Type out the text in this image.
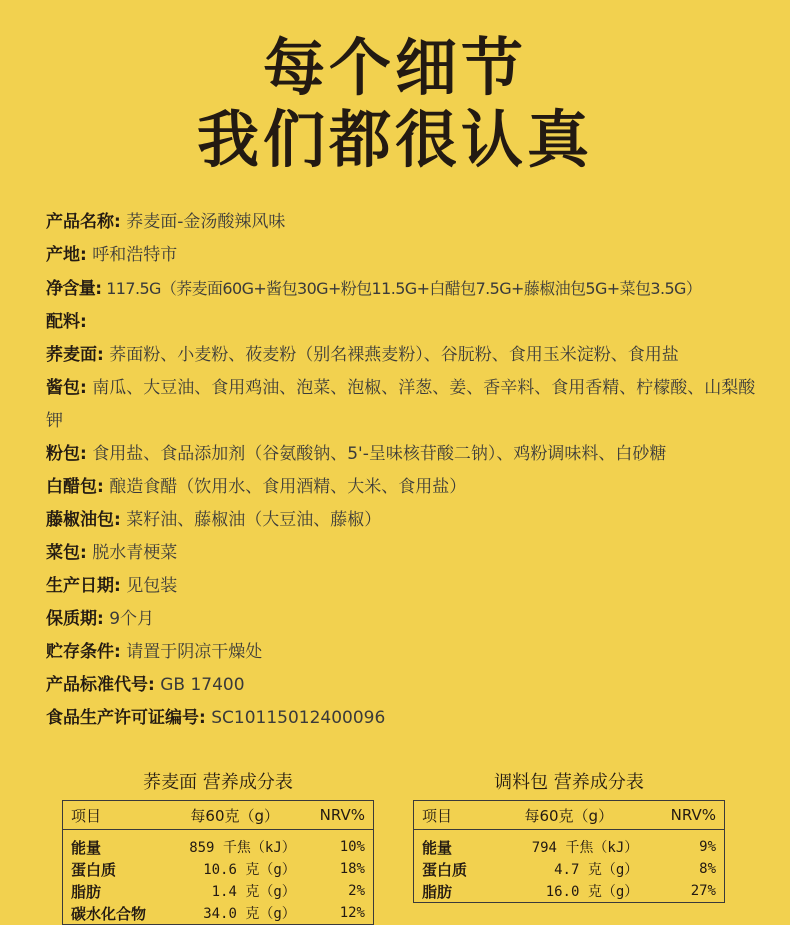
每个细节
我们都很认真
产品名称: 荞麦面-金汤酸辣风味
产地: 呼和浩特市
净含量: 117.5G（荞麦面60G+酱包30G+粉包11.5G+白醋包7.5G+藤椒油包5G+菜包3.5G）
配料:
荞麦面: 荞面粉、小麦粉、莜麦粉（别名裸燕麦粉）、谷朊粉、食用玉米淀粉、食用盐
酱包: 南瓜、大豆油、食用鸡油、泡菜、泡椒、洋葱、姜、香辛料、食用香精、柠檬酸、山梨酸钾
粉包: 食用盐、食品添加剂（谷氨酸钠、5'-呈味核苷酸二钠）、鸡粉调味料、白砂糖
白醋包: 酿造食醋（饮用水、食用酒精、大米、食用盐）
藤椒油包: 菜籽油、藤椒油（大豆油、藤椒）
菜包: 脱水青梗菜
生产日期: 见包装
保质期: 9个月
贮存条件: 请置于阴凉干燥处
产品标准代号: GB 17400
食品生产许可证编号: SC10115012400096
荞麦面 营养成分表
项目	每60克（g）	NRV%
能量	859 千焦（kJ）	10%
蛋白质	10.6 克（g）	18%
脂肪	1.4 克（g）	2%
碳水化合物	34.0 克（g）	12%
调料包 营养成分表
项目	每60克（g）	NRV%
能量	794 千焦（kJ）	9%
蛋白质	4.7 克（g）	8%
脂肪	16.0 克（g）	27%
